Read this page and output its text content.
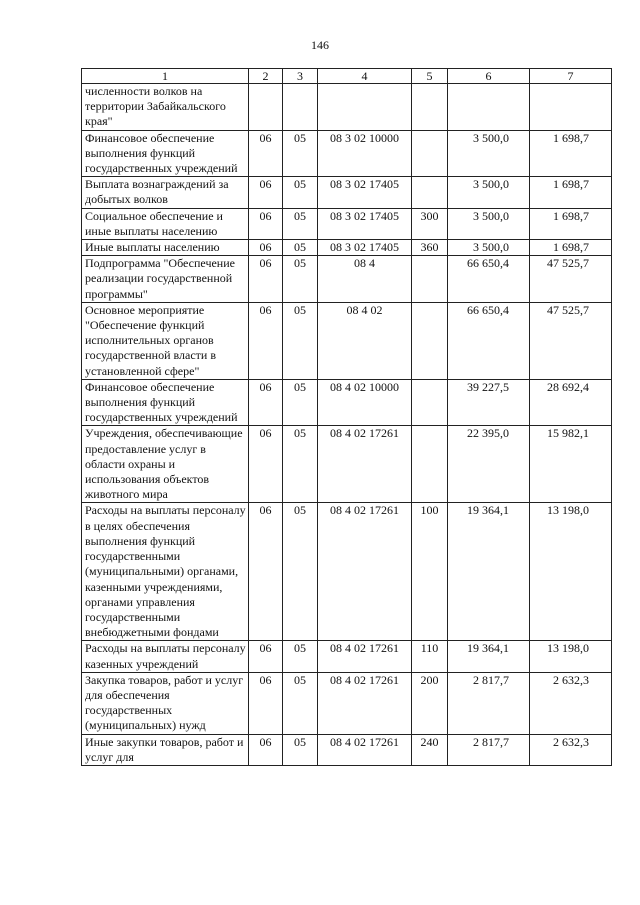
146
1	2	3	4	5	6	7
численности волков на территории Забайкальского края"						
Финансовое обеспечение выполнения функций государственных учреждений	06	05	08 3 02 10000		3 500,0	1 698,7
Выплата вознаграждений за добытых волков	06	05	08 3 02 17405		3 500,0	1 698,7
Социальное обеспечение и иные выплаты населению	06	05	08 3 02 17405	300	3 500,0	1 698,7
Иные выплаты населению	06	05	08 3 02 17405	360	3 500,0	1 698,7
Подпрограмма "Обеспечение реализации государственной программы"	06	05	08 4		66 650,4	47 525,7
Основное мероприятие "Обеспечение функций исполнительных органов государственной власти в установленной сфере"	06	05	08 4 02		66 650,4	47 525,7
Финансовое обеспечение выполнения функций государственных учреждений	06	05	08 4 02 10000		39 227,5	28 692,4
Учреждения, обеспечивающие предоставление услуг в области охраны и использования объектов животного мира	06	05	08 4 02 17261		22 395,0	15 982,1
Расходы на выплаты персоналу в целях обеспечения выполнения функций государственными (муниципальными) органами, казенными учреждениями, органами управления государственными внебюджетными фондами	06	05	08 4 02 17261	100	19 364,1	13 198,0
Расходы на выплаты персоналу казенных учреждений	06	05	08 4 02 17261	110	19 364,1	13 198,0
Закупка товаров, работ и услуг для обеспечения государственных (муниципальных) нужд	06	05	08 4 02 17261	200	2 817,7	2 632,3
Иные закупки товаров, работ и услуг для	06	05	08 4 02 17261	240	2 817,7	2 632,3
